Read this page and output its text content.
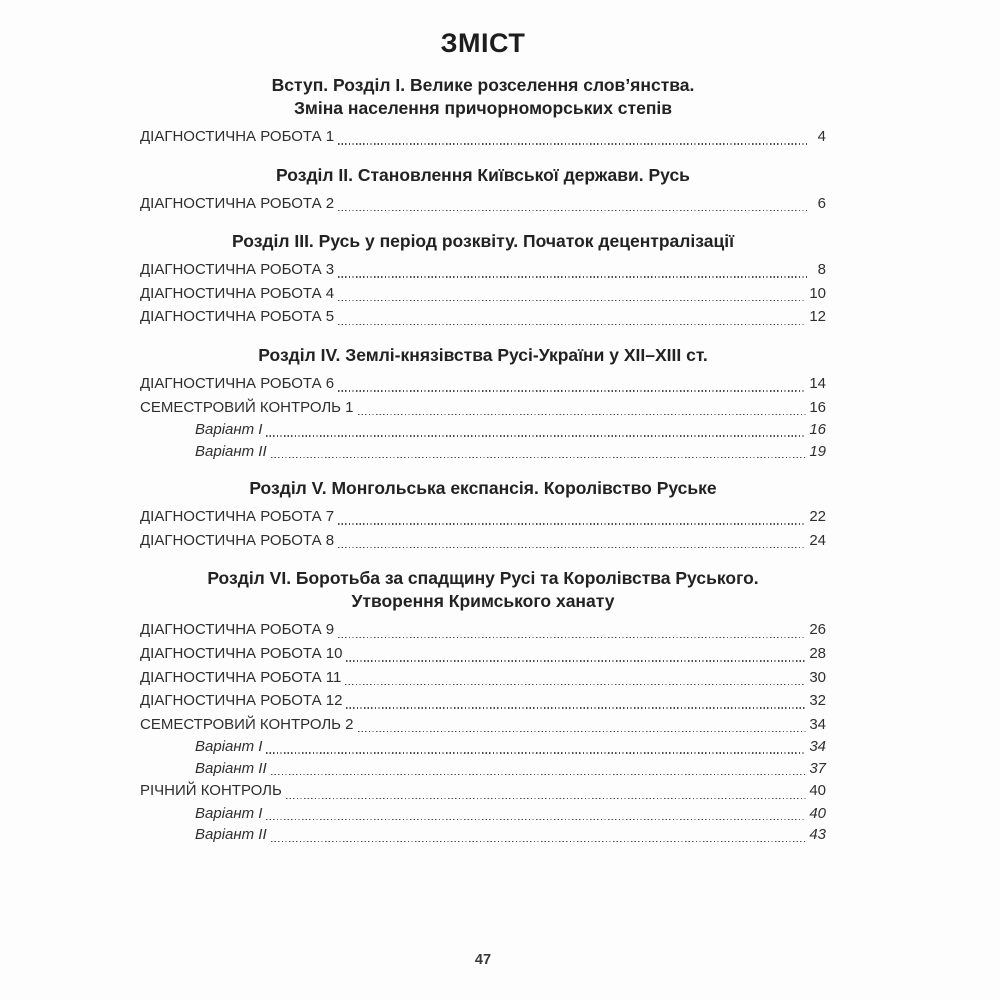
ЗМІСТ
Вступ. Розділ I. Велике розселення слов’янства.
Зміна населення причорноморських степів
ДІАГНОСТИЧНА РОБОТА 1	4
Розділ II. Становлення Київської держави. Русь
ДІАГНОСТИЧНА РОБОТА 2	6
Розділ III. Русь у період розквіту. Початок децентралізації
ДІАГНОСТИЧНА РОБОТА 3	8
ДІАГНОСТИЧНА РОБОТА 4	10
ДІАГНОСТИЧНА РОБОТА 5	12
Розділ IV. Землі-князівства Русі-України у XII–XIII ст.
ДІАГНОСТИЧНА РОБОТА 6	14
СЕМЕСТРОВИЙ КОНТРОЛЬ 1	16
Варіант I	16
Варіант II	19
Розділ V. Монгольська експансія. Королівство Руське
ДІАГНОСТИЧНА РОБОТА 7	22
ДІАГНОСТИЧНА РОБОТА 8	24
Розділ VI. Боротьба за спадщину Русі та Королівства Руського.
Утворення Кримського ханату
ДІАГНОСТИЧНА РОБОТА 9	26
ДІАГНОСТИЧНА РОБОТА 10	28
ДІАГНОСТИЧНА РОБОТА 11	30
ДІАГНОСТИЧНА РОБОТА 12	32
СЕМЕСТРОВИЙ КОНТРОЛЬ 2	34
Варіант I	34
Варіант II	37
РІЧНИЙ КОНТРОЛЬ	40
Варіант I	40
Варіант II	43
47
